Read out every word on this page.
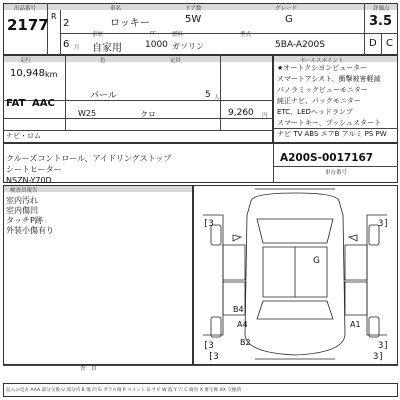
出品番号	車名	ドア数	グレード	評価点
2177 R
2	ロッキー	5W	G	3.5
車歴	cc	燃料	型式
6 月 自家用	1000 ガソリン	5BA-A200S	D C
走行	色	定員
10,948 km
FAT AAC
パール	5 人
W25	クロ	9,260 円
ナビ・ロム
セールスポイント
★オートクシヨンピューター
スマートアシスト、衝撃被害軽減
パノラミックビューモニター
純正ナビ、バックモニター
ETC、LEDヘッドランプ
スマートキー、プッシュスタート
ナビ TV ABS エアB アルミ PS PW
クルーズコントロール、アイドリングストップ
シートヒーター
NSZN-Y70D
A200S-0017167
車台番号
検査員報告
室内汚れ
室内傷凹
タッチP跡
外装小傷有り
G
B4
A4	A1
B2
[3	3]
[3	3]
[3	3]
査　員
記入の見方 AAA 部分交換 U 部分凹 B 傷 凹 G ガラス傷 P ペイント S サビ W 波 Y 穴 C 腐食 X 要交換 XX 交換済
